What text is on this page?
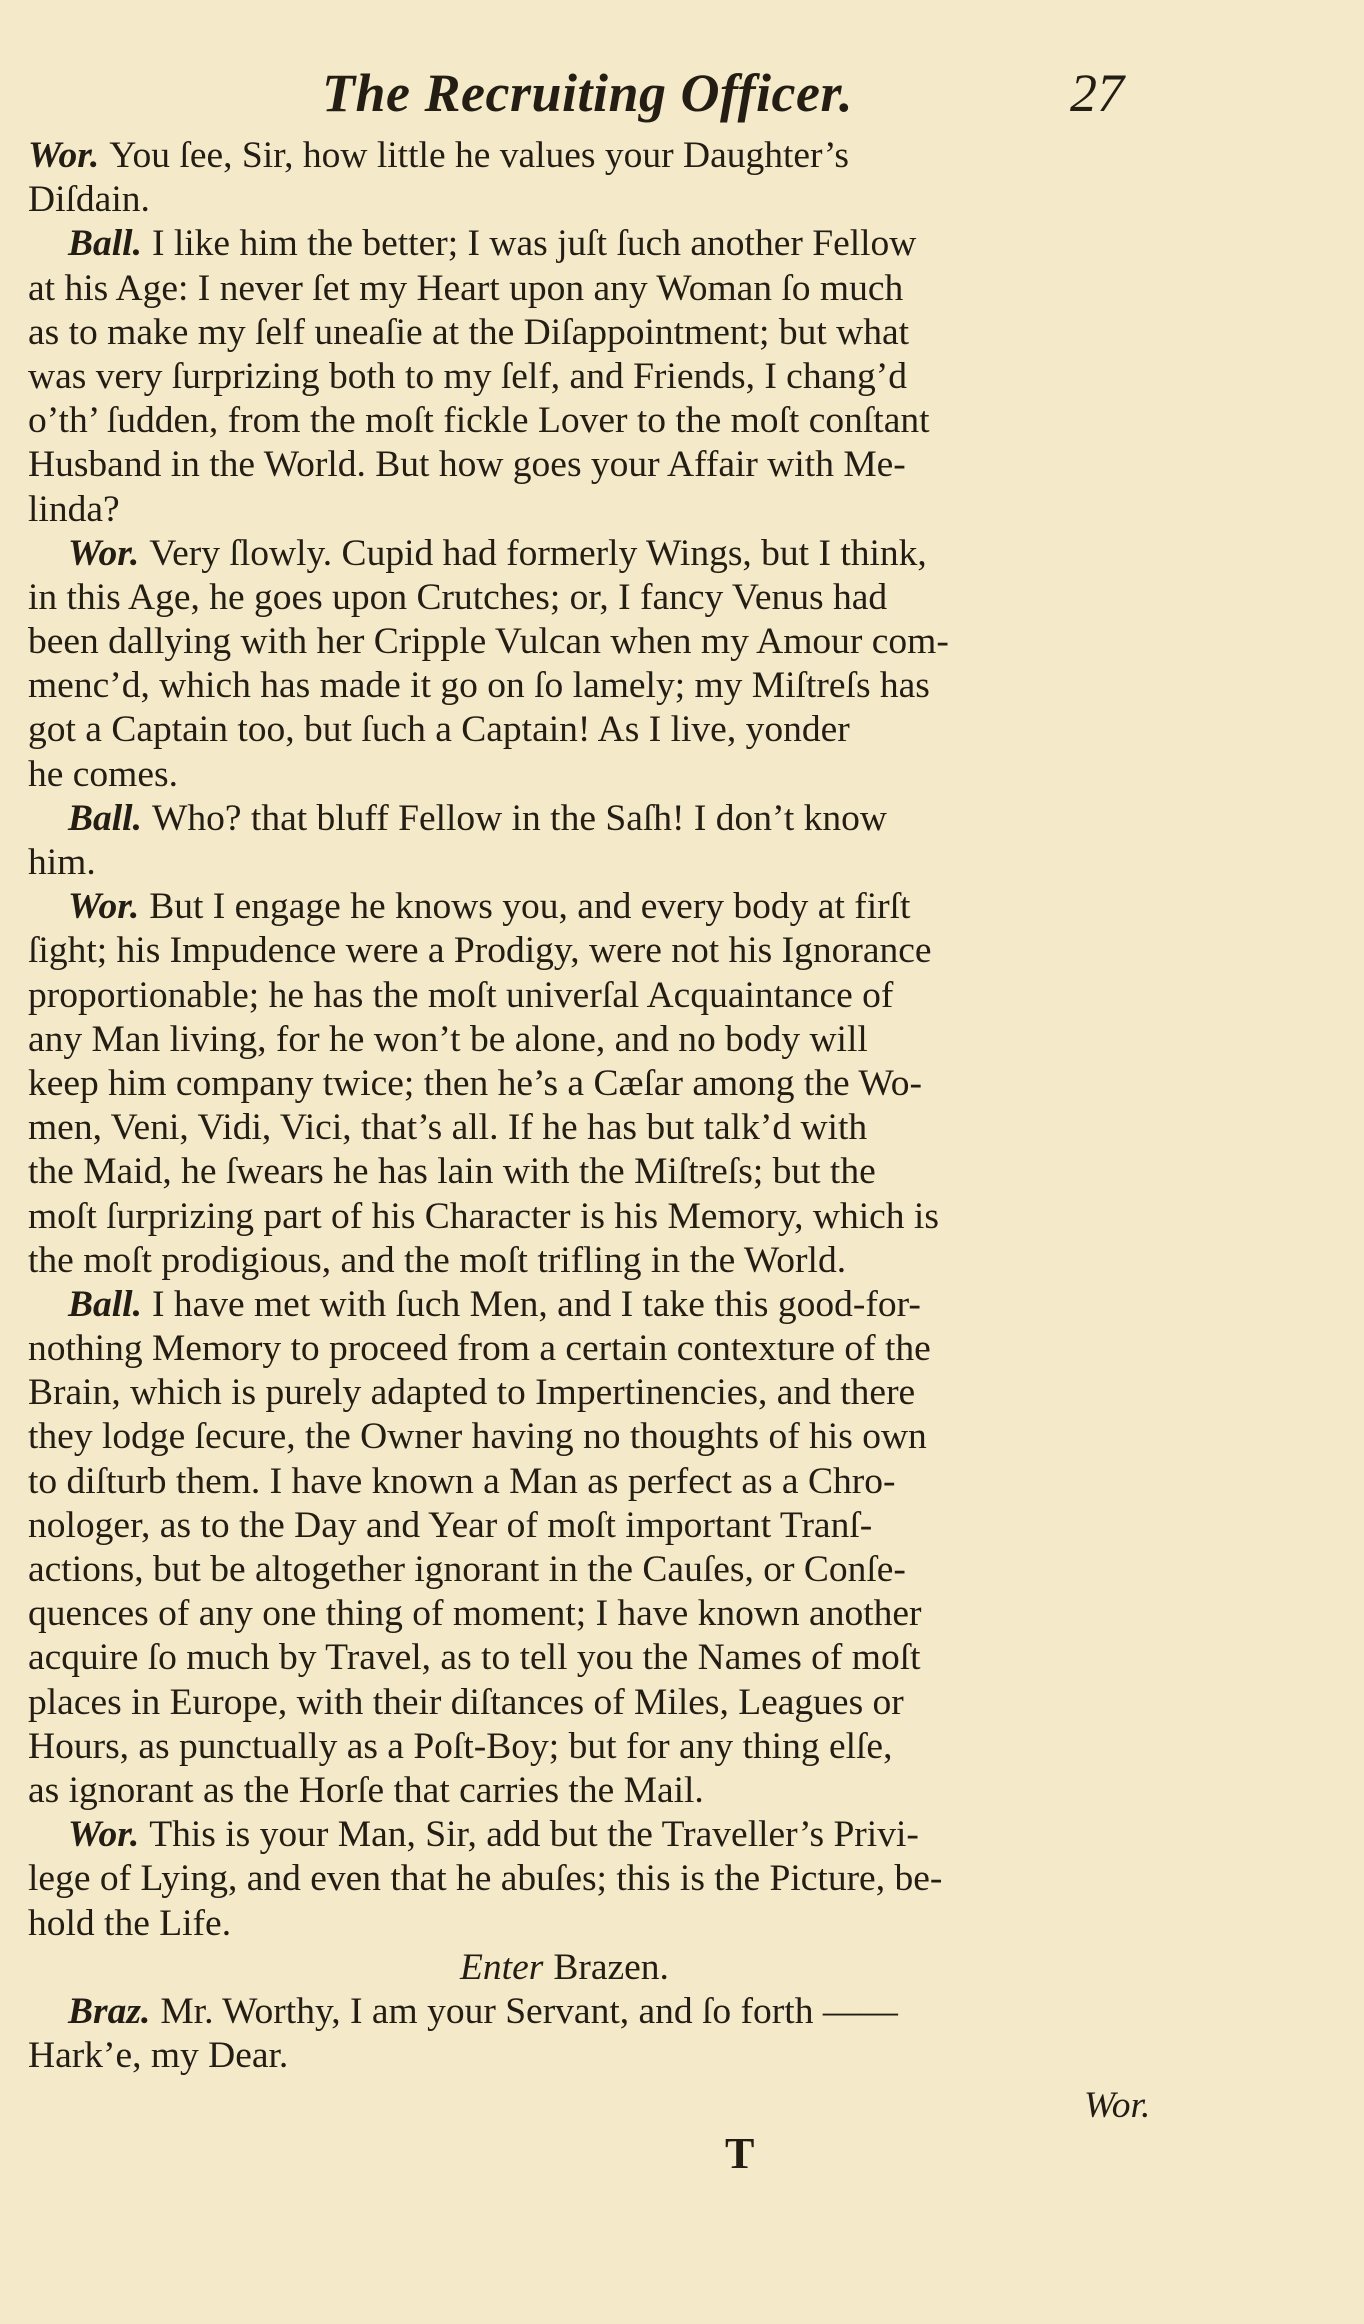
The Recruiting Officer.	27
Wor. You ſee, Sir, how little he values your Daughter’s
Diſdain.
Ball. I like him the better; I was juſt ſuch another Fellow
at his Age: I never ſet my Heart upon any Woman ſo much
as to make my ſelf uneaſie at the Diſappointment; but what
was very ſurprizing both to my ſelf, and Friends, I chang’d
o’th’ ſudden, from the moſt fickle Lover to the moſt conſtant
Husband in the World. But how goes your Affair with Me-
linda?
Wor. Very ſlowly. Cupid had formerly Wings, but I think,
in this Age, he goes upon Crutches; or, I fancy Venus had
been dallying with her Cripple Vulcan when my Amour com-
menc’d, which has made it go on ſo lamely; my Miſtreſs has
got a Captain too, but ſuch a Captain! As I live, yonder
he comes.
Ball. Who? that bluff Fellow in the Saſh! I don’t know
him.
Wor. But I engage he knows you, and every body at firſt
ſight; his Impudence were a Prodigy, were not his Ignorance
proportionable; he has the moſt univerſal Acquaintance of
any Man living, for he won’t be alone, and no body will
keep him company twice; then he’s a Cæſar among the Wo-
men, Veni, Vidi, Vici, that’s all. If he has but talk’d with
the Maid, he ſwears he has lain with the Miſtreſs; but the
moſt ſurprizing part of his Character is his Memory, which is
the moſt prodigious, and the moſt trifling in the World.
Ball. I have met with ſuch Men, and I take this good-for-
nothing Memory to proceed from a certain contexture of the
Brain, which is purely adapted to Impertinencies, and there
they lodge ſecure, the Owner having no thoughts of his own
to diſturb them. I have known a Man as perfect as a Chro-
nologer, as to the Day and Year of moſt important Tranſ-
actions, but be altogether ignorant in the Cauſes, or Conſe-
quences of any one thing of moment; I have known another
acquire ſo much by Travel, as to tell you the Names of moſt
places in Europe, with their diſtances of Miles, Leagues or
Hours, as punctually as a Poſt-Boy; but for any thing elſe,
as ignorant as the Horſe that carries the Mail.
Wor. This is your Man, Sir, add but the Traveller’s Privi-
lege of Lying, and even that he abuſes; this is the Picture, be-
hold the Life.
Enter Brazen.
Braz. Mr. Worthy, I am your Servant, and ſo forth ——
Hark’e, my Dear.
Wor.
T
